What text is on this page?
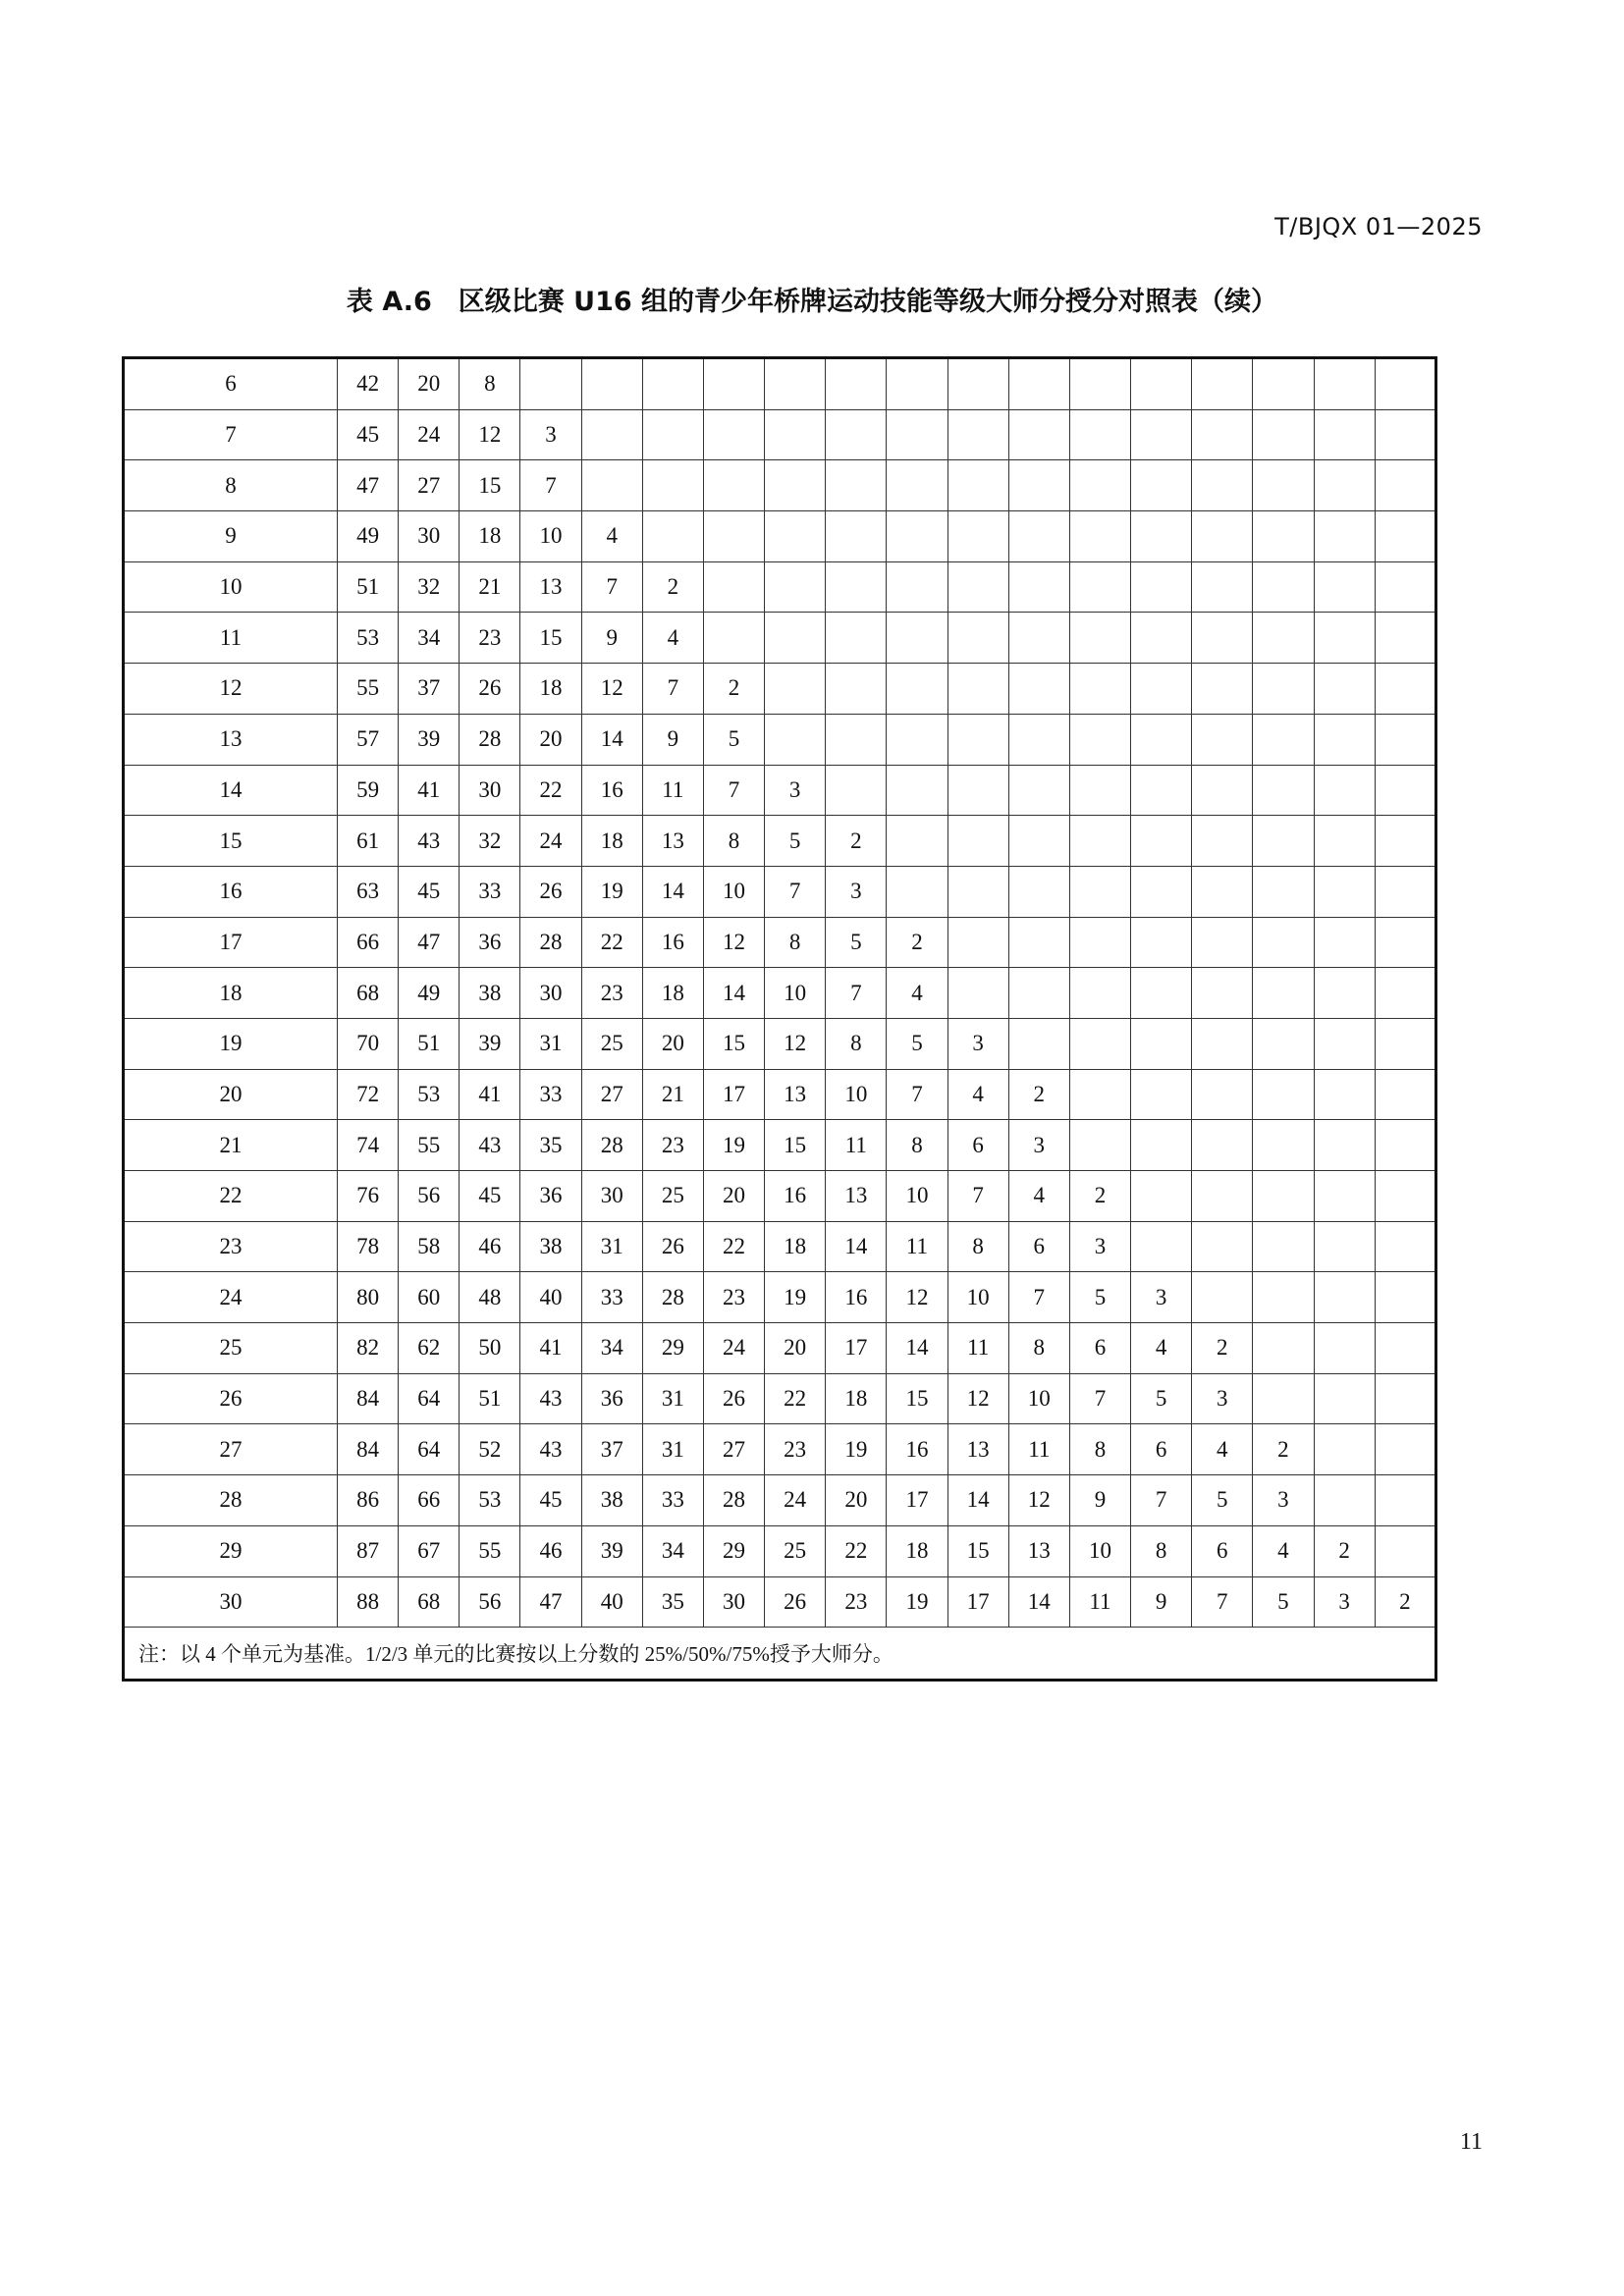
T/BJQX 01—2025
表 A.6　区级比赛 U16 组的青少年桥牌运动技能等级大师分授分对照表（续）
6	42	20	8															
7	45	24	12	3														
8	47	27	15	7														
9	49	30	18	10	4													
10	51	32	21	13	7	2												
11	53	34	23	15	9	4												
12	55	37	26	18	12	7	2											
13	57	39	28	20	14	9	5											
14	59	41	30	22	16	11	7	3										
15	61	43	32	24	18	13	8	5	2									
16	63	45	33	26	19	14	10	7	3									
17	66	47	36	28	22	16	12	8	5	2								
18	68	49	38	30	23	18	14	10	7	4								
19	70	51	39	31	25	20	15	12	8	5	3							
20	72	53	41	33	27	21	17	13	10	7	4	2						
21	74	55	43	35	28	23	19	15	11	8	6	3						
22	76	56	45	36	30	25	20	16	13	10	7	4	2					
23	78	58	46	38	31	26	22	18	14	11	8	6	3					
24	80	60	48	40	33	28	23	19	16	12	10	7	5	3				
25	82	62	50	41	34	29	24	20	17	14	11	8	6	4	2			
26	84	64	51	43	36	31	26	22	18	15	12	10	7	5	3			
27	84	64	52	43	37	31	27	23	19	16	13	11	8	6	4	2		
28	86	66	53	45	38	33	28	24	20	17	14	12	9	7	5	3		
29	87	67	55	46	39	34	29	25	22	18	15	13	10	8	6	4	2	
30	88	68	56	47	40	35	30	26	23	19	17	14	11	9	7	5	3	2
注：以 4 个单元为基准。1/2/3 单元的比赛按以上分数的 25%/50%/75%授予大师分。																		
11
